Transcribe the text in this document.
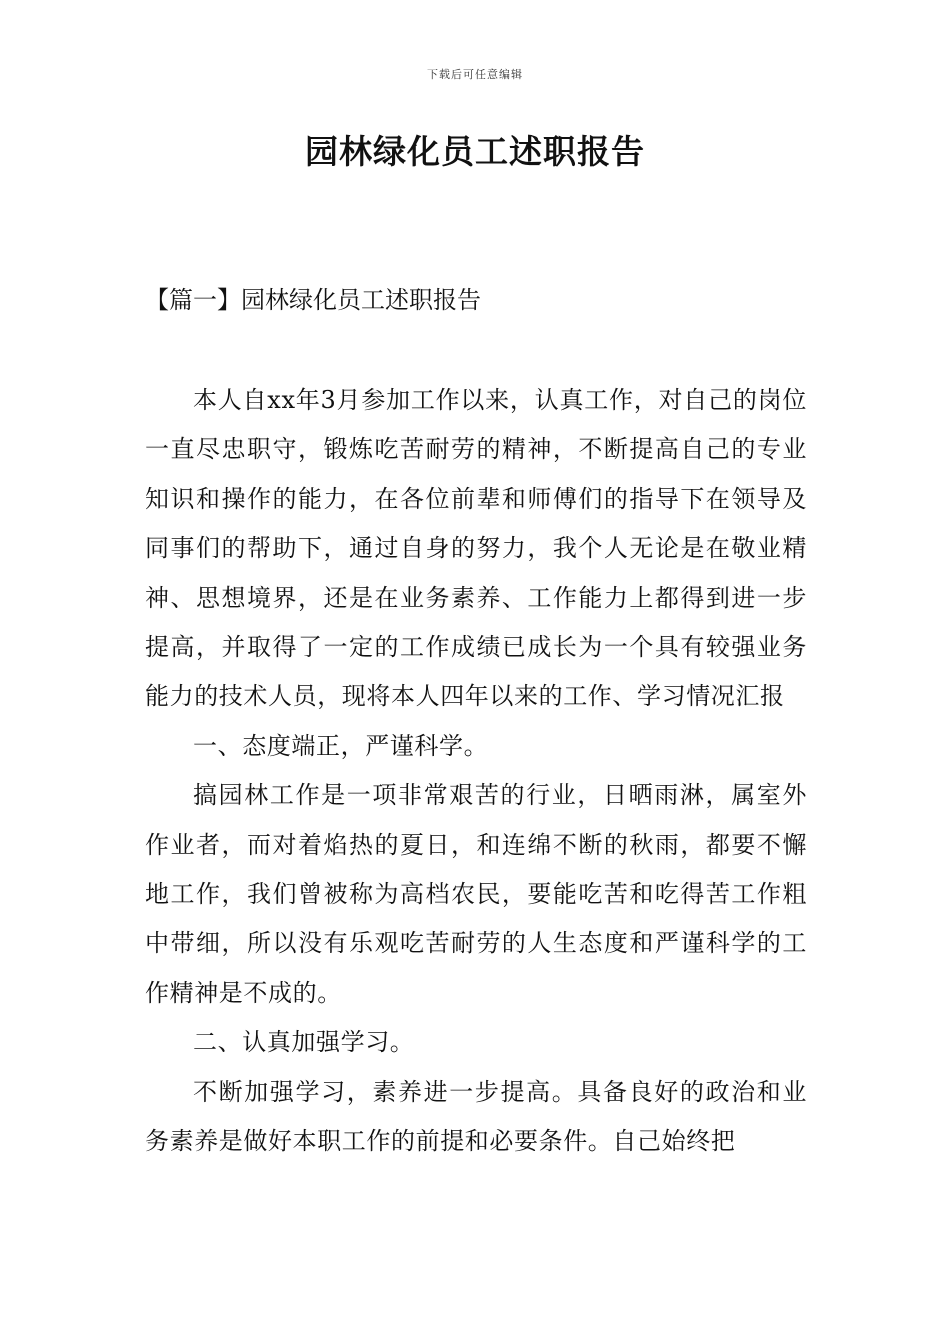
下载后可任意编辑
园林绿化员工述职报告
【篇一】园林绿化员工述职报告

本人自xx年3月参加工作以来，认真工作，对自己的岗位一直尽忠职守，锻炼吃苦耐劳的精神，不断提高自己的专业知识和操作的能力，在各位前辈和师傅们的指导下在领导及同事们的帮助下，通过自身的努力，我个人无论是在敬业精神、思想境界，还是在业务素养、工作能力上都得到进一步提高，并取得了一定的工作成绩已成长为一个具有较强业务能力的技术人员，现将本人四年以来的工作、学习情况汇报

一、态度端正，严谨科学。

搞园林工作是一项非常艰苦的行业，日晒雨淋，属室外作业者，而对着焰热的夏日，和连绵不断的秋雨，都要不懈地工作，我们曾被称为高档农民，要能吃苦和吃得苦工作粗中带细，所以没有乐观吃苦耐劳的人生态度和严谨科学的工作精神是不成的。

二、认真加强学习。

不断加强学习，素养进一步提高。具备良好的政治和业务素养是做好本职工作的前提和必要条件。自己始终把
